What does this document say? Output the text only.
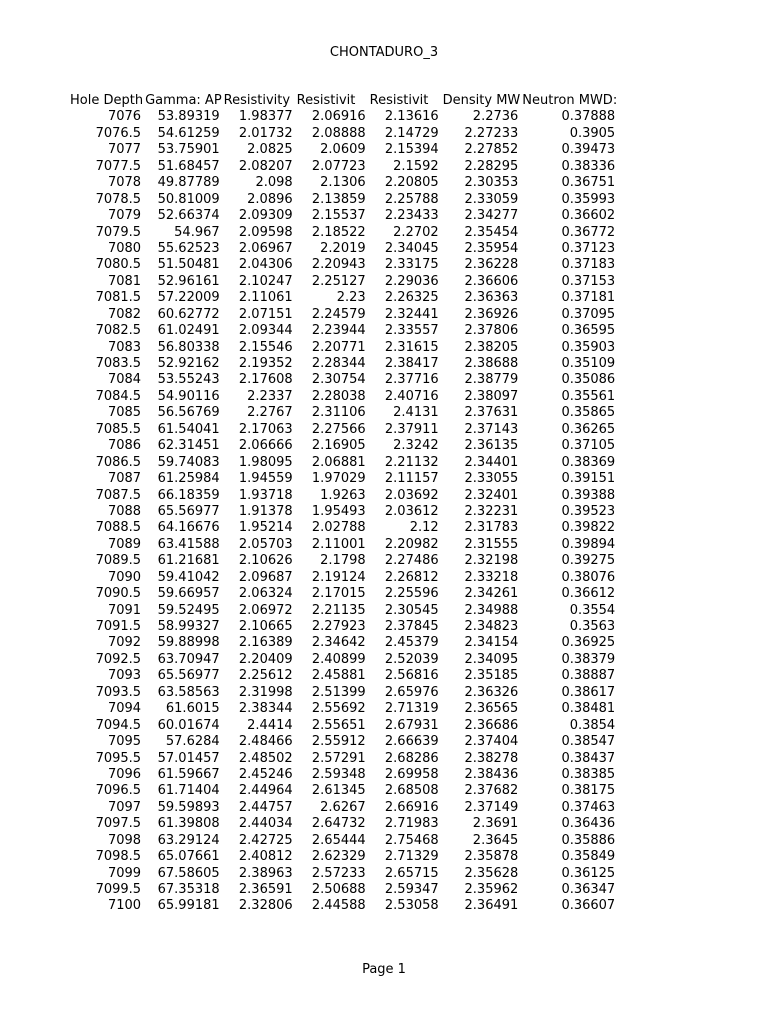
CHONTADURO_3
Hole Depth	Gamma: AP	Resistivity	Resistivit	Resistivit	Density MW	Neutron MWD:
7076	53.89319	1.98377	2.06916	2.13616	2.2736	0.37888
7076.5	54.61259	2.01732	2.08888	2.14729	2.27233	0.3905
7077	53.75901	2.0825	2.0609	2.15394	2.27852	0.39473
7077.5	51.68457	2.08207	2.07723	2.1592	2.28295	0.38336
7078	49.87789	2.098	2.1306	2.20805	2.30353	0.36751
7078.5	50.81009	2.0896	2.13859	2.25788	2.33059	0.35993
7079	52.66374	2.09309	2.15537	2.23433	2.34277	0.36602
7079.5	54.967	2.09598	2.18522	2.2702	2.35454	0.36772
7080	55.62523	2.06967	2.2019	2.34045	2.35954	0.37123
7080.5	51.50481	2.04306	2.20943	2.33175	2.36228	0.37183
7081	52.96161	2.10247	2.25127	2.29036	2.36606	0.37153
7081.5	57.22009	2.11061	2.23	2.26325	2.36363	0.37181
7082	60.62772	2.07151	2.24579	2.32441	2.36926	0.37095
7082.5	61.02491	2.09344	2.23944	2.33557	2.37806	0.36595
7083	56.80338	2.15546	2.20771	2.31615	2.38205	0.35903
7083.5	52.92162	2.19352	2.28344	2.38417	2.38688	0.35109
7084	53.55243	2.17608	2.30754	2.37716	2.38779	0.35086
7084.5	54.90116	2.2337	2.28038	2.40716	2.38097	0.35561
7085	56.56769	2.2767	2.31106	2.4131	2.37631	0.35865
7085.5	61.54041	2.17063	2.27566	2.37911	2.37143	0.36265
7086	62.31451	2.06666	2.16905	2.3242	2.36135	0.37105
7086.5	59.74083	1.98095	2.06881	2.21132	2.34401	0.38369
7087	61.25984	1.94559	1.97029	2.11157	2.33055	0.39151
7087.5	66.18359	1.93718	1.9263	2.03692	2.32401	0.39388
7088	65.56977	1.91378	1.95493	2.03612	2.32231	0.39523
7088.5	64.16676	1.95214	2.02788	2.12	2.31783	0.39822
7089	63.41588	2.05703	2.11001	2.20982	2.31555	0.39894
7089.5	61.21681	2.10626	2.1798	2.27486	2.32198	0.39275
7090	59.41042	2.09687	2.19124	2.26812	2.33218	0.38076
7090.5	59.66957	2.06324	2.17015	2.25596	2.34261	0.36612
7091	59.52495	2.06972	2.21135	2.30545	2.34988	0.3554
7091.5	58.99327	2.10665	2.27923	2.37845	2.34823	0.3563
7092	59.88998	2.16389	2.34642	2.45379	2.34154	0.36925
7092.5	63.70947	2.20409	2.40899	2.52039	2.34095	0.38379
7093	65.56977	2.25612	2.45881	2.56816	2.35185	0.38887
7093.5	63.58563	2.31998	2.51399	2.65976	2.36326	0.38617
7094	61.6015	2.38344	2.55692	2.71319	2.36565	0.38481
7094.5	60.01674	2.4414	2.55651	2.67931	2.36686	0.3854
7095	57.6284	2.48466	2.55912	2.66639	2.37404	0.38547
7095.5	57.01457	2.48502	2.57291	2.68286	2.38278	0.38437
7096	61.59667	2.45246	2.59348	2.69958	2.38436	0.38385
7096.5	61.71404	2.44964	2.61345	2.68508	2.37682	0.38175
7097	59.59893	2.44757	2.6267	2.66916	2.37149	0.37463
7097.5	61.39808	2.44034	2.64732	2.71983	2.3691	0.36436
7098	63.29124	2.42725	2.65444	2.75468	2.3645	0.35886
7098.5	65.07661	2.40812	2.62329	2.71329	2.35878	0.35849
7099	67.58605	2.38963	2.57233	2.65715	2.35628	0.36125
7099.5	67.35318	2.36591	2.50688	2.59347	2.35962	0.36347
7100	65.99181	2.32806	2.44588	2.53058	2.36491	0.36607
Page 1
